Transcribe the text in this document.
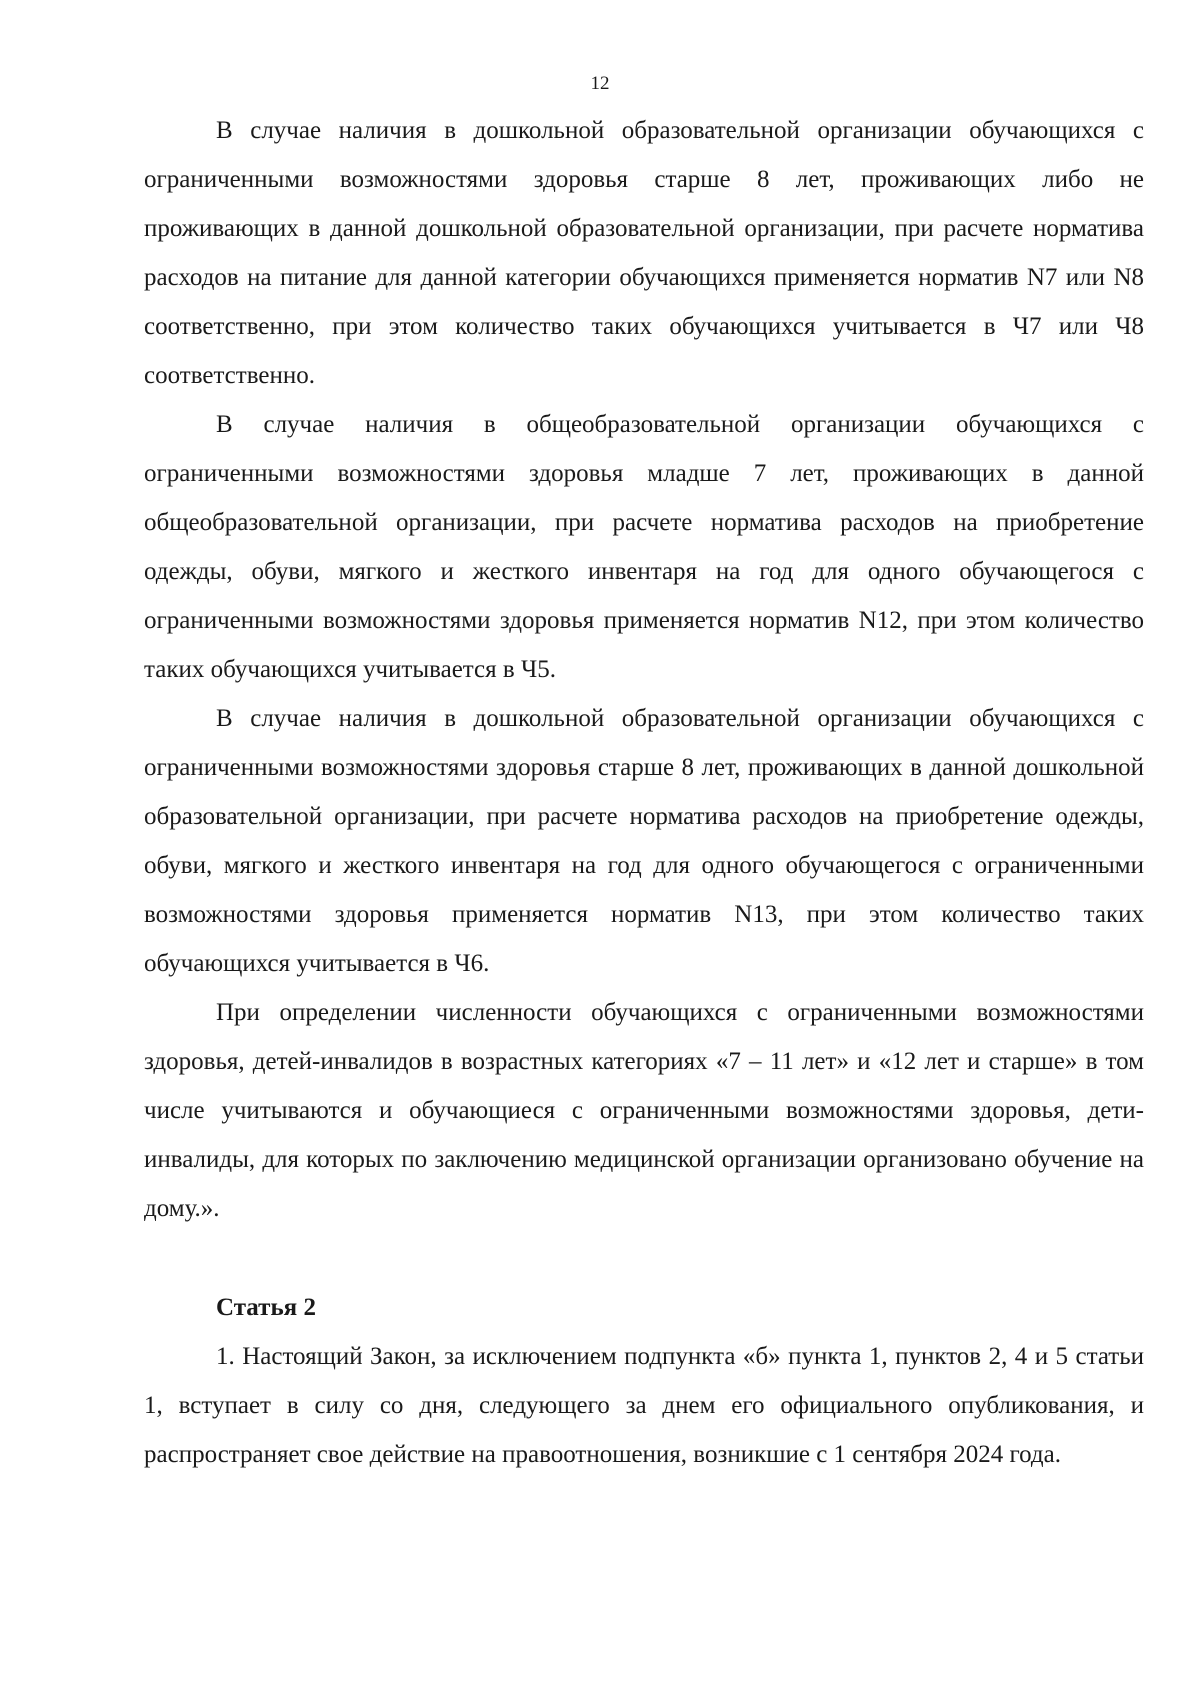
12

В случае наличия в дошкольной образовательной организации обучающихся с ограниченными возможностями здоровья старше 8 лет, проживающих либо не проживающих в данной дошкольной образовательной организации, при расчете норматива расходов на питание для данной категории обучающихся применяется норматив N7 или N8 соответственно, при этом количество таких обучающихся учитывается в Ч7 или Ч8 соответственно.

В случае наличия в общеобразовательной организации обучающихся с ограниченными возможностями здоровья младше 7 лет, проживающих в данной общеобразовательной организации, при расчете норматива расходов на приобретение одежды, обуви, мягкого и жесткого инвентаря на год для одного обучающегося с ограниченными возможностями здоровья применяется норматив N12, при этом количество таких обучающихся учитывается в Ч5.

В случае наличия в дошкольной образовательной организации обучающихся с ограниченными возможностями здоровья старше 8 лет, проживающих в данной дошкольной образовательной организации, при расчете норматива расходов на приобретение одежды, обуви, мягкого и жесткого инвентаря на год для одного обучающегося с ограниченными возможностями здоровья применяется норматив N13, при этом количество таких обучающихся учитывается в Ч6.

При определении численности обучающихся с ограниченными возможностями здоровья, детей-инвалидов в возрастных категориях «7 – 11 лет» и «12 лет и старше» в том числе учитываются и обучающиеся с ограниченными возможностями здоровья, дети-инвалиды, для которых по заключению медицинской организации организовано обучение на дому.».

Статья 2

1. Настоящий Закон, за исключением подпункта «б» пункта 1, пунктов 2, 4 и 5 статьи 1, вступает в силу со дня, следующего за днем его официального опубликования, и распространяет свое действие на правоотношения, возникшие с 1 сентября 2024 года.
